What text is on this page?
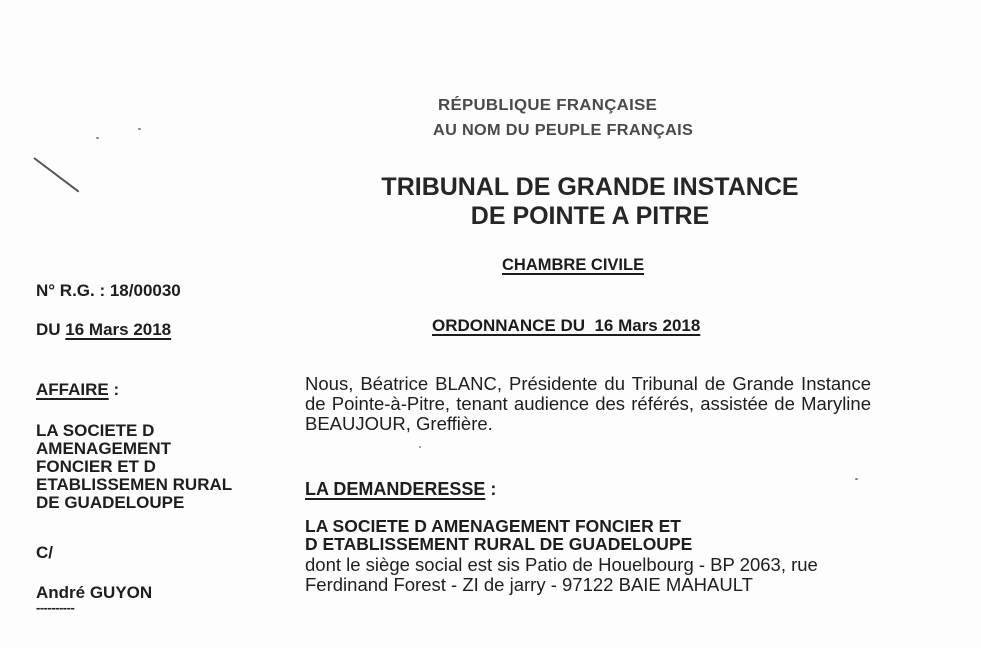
RÉPUBLIQUE FRANÇAISE
AU NOM DU PEUPLE FRANÇAIS
TRIBUNAL DE GRANDE INSTANCE
DE POINTE A PITRE
CHAMBRE CIVILE
N° R.G. : 18/00030
DU 16 Mars 2018
AFFAIRE :
LA SOCIETE D
AMENAGEMENT
FONCIER ET D
ETABLISSEMEN RURAL
DE GUADELOUPE
C/
André GUYON
----------
ORDONNANCE DU  16 Mars 2018
Nous, Béatrice BLANC, Présidente du Tribunal de Grande Instance de Pointe-à-Pitre, tenant audience des référés, assistée de Maryline BEAUJOUR, Greffière.
LA DEMANDERESSE :
LA SOCIETE D AMENAGEMENT FONCIER ET
D ETABLISSEMENT RURAL DE GUADELOUPE
dont le siège social est sis Patio de Houelbourg - BP 2063, rue
Ferdinand Forest - ZI de jarry - 97122 BAIE MAHAULT
